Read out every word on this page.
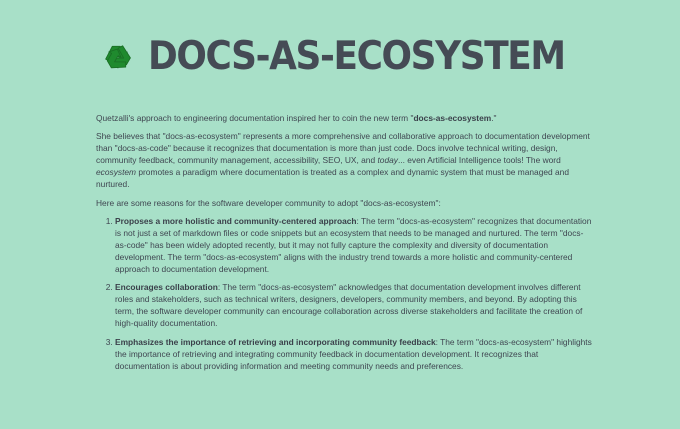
DOCS-AS-ECOSYSTEM

Quetzalli's approach to engineering documentation inspired her to coin the new term "docs-as-ecosystem."

She believes that "docs-as-ecosystem" represents a more comprehensive and collaborative approach to documentation development than "docs-as-code" because it recognizes that documentation is more than just code. Docs involve technical writing, design, community feedback, community management, accessibility, SEO, UX, and today... even Artificial Intelligence tools! The word ecosystem promotes a paradigm where documentation is treated as a complex and dynamic system that must be managed and nurtured.

Here are some reasons for the software developer community to adopt "docs-as-ecosystem":

1. Proposes a more holistic and community-centered approach: The term "docs-as-ecosystem" recognizes that documentation is not just a set of markdown files or code snippets but an ecosystem that needs to be managed and nurtured. The term "docs-as-code" has been widely adopted recently, but it may not fully capture the complexity and diversity of documentation development. The term "docs-as-ecosystem" aligns with the industry trend towards a more holistic and community-centered approach to documentation development.
2. Encourages collaboration: The term "docs-as-ecosystem" acknowledges that documentation development involves different roles and stakeholders, such as technical writers, designers, developers, community members, and beyond. By adopting this term, the software developer community can encourage collaboration across diverse stakeholders and facilitate the creation of high-quality documentation.
3. Emphasizes the importance of retrieving and incorporating community feedback: The term "docs-as-ecosystem" highlights the importance of retrieving and integrating community feedback in documentation development. It recognizes that documentation is about providing information and meeting community needs and preferences.
